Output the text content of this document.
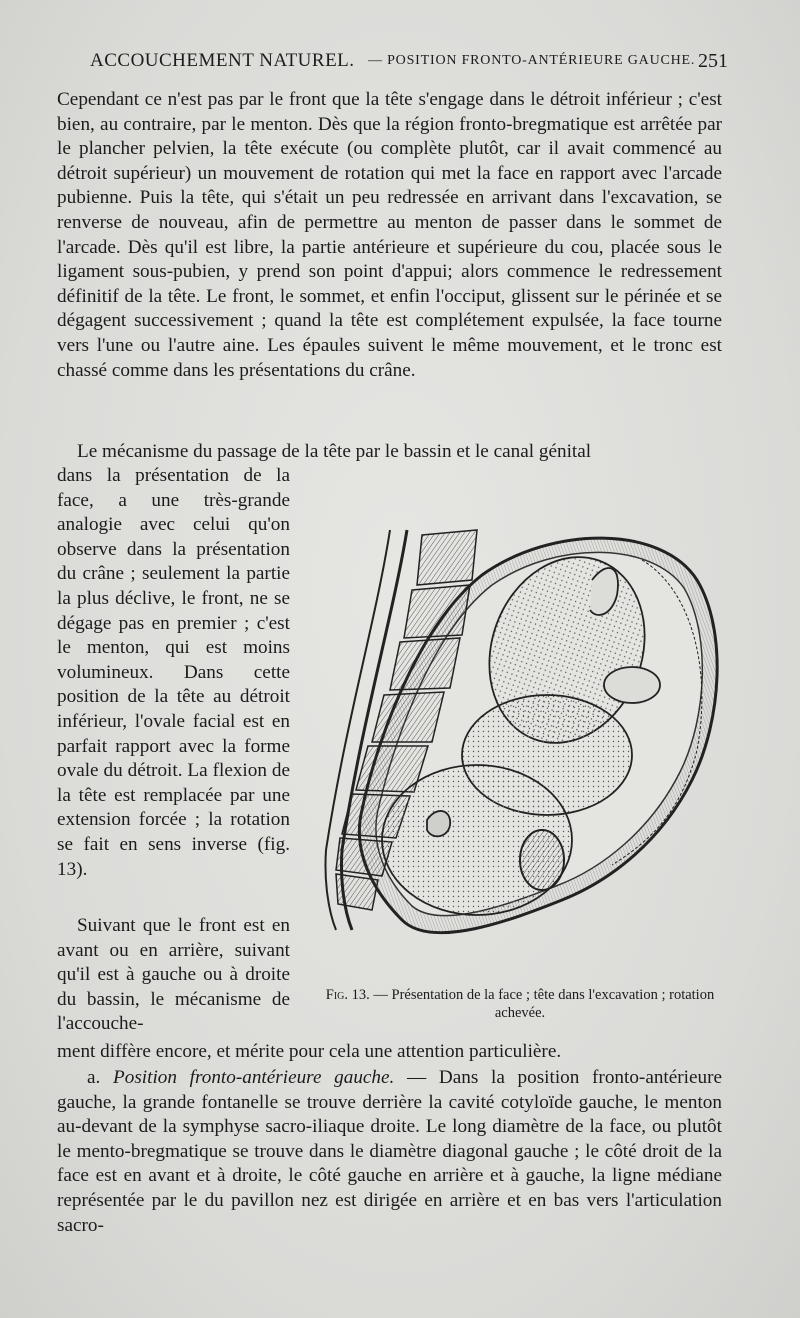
ACCOUCHEMENT NATUREL. — POSITION FRONTO-ANTÉRIEURE GAUCHE. 251
Cependant ce n'est pas par le front que la tête s'engage dans le détroit inférieur ; c'est bien, au contraire, par le menton. Dès que la région fronto-bregmatique est arrêtée par le plancher pelvien, la tête exécute (ou complète plutôt, car il avait commencé au détroit supérieur) un mouvement de rotation qui met la face en rapport avec l'arcade pubienne. Puis la tête, qui s'était un peu redressée en arrivant dans l'excavation, se renverse de nouveau, afin de permettre au menton de passer dans le sommet de l'arcade. Dès qu'il est libre, la partie antérieure et supérieure du cou, placée sous le ligament sous-pubien, y prend son point d'appui; alors commence le redressement définitif de la tête. Le front, le sommet, et enfin l'occiput, glissent sur le périnée et se dégagent successivement ; quand la tête est complétement expulsée, la face tourne vers l'une ou l'autre aine. Les épaules suivent le même mouvement, et le tronc est chassé comme dans les présentations du crâne.
Le mécanisme du passage de la tête par le bassin et le canal génital
dans la présentation de la face, a une très-grande analogie avec celui qu'on observe dans la présentation du crâne ; seulement la partie la plus déclive, le front, ne se dégage pas en premier ; c'est le menton, qui est moins volumineux. Dans cette position de la tête au détroit inférieur, l'ovale facial est en parfait rapport avec la forme ovale du détroit. La flexion de la tête est remplacée par une extension forcée ; la rotation se fait en sens inverse (fig. 13).
Suivant que le front est en avant ou en arrière, suivant qu'il est à gauche ou à droite du bassin, le mécanisme de l'accouche-
ment diffère encore, et mérite pour cela une attention particulière.
a. Position fronto-antérieure gauche. — Dans la position fronto-antérieure gauche, la grande fontanelle se trouve derrière la cavité cotyloïde gauche, le menton au-devant de la symphyse sacro-iliaque droite. Le long diamètre de la face, ou plutôt le mento-bregmatique se trouve dans le diamètre diagonal gauche ; le côté droit de la face est en avant et à droite, le côté gauche en arrière et à gauche, la ligne médiane représentée par le du pavillon nez est dirigée en arrière et en bas vers l'articulation sacro-
Fig. 13. — Présentation de la face ; tête dans l'excavation ; rotation achevée.
